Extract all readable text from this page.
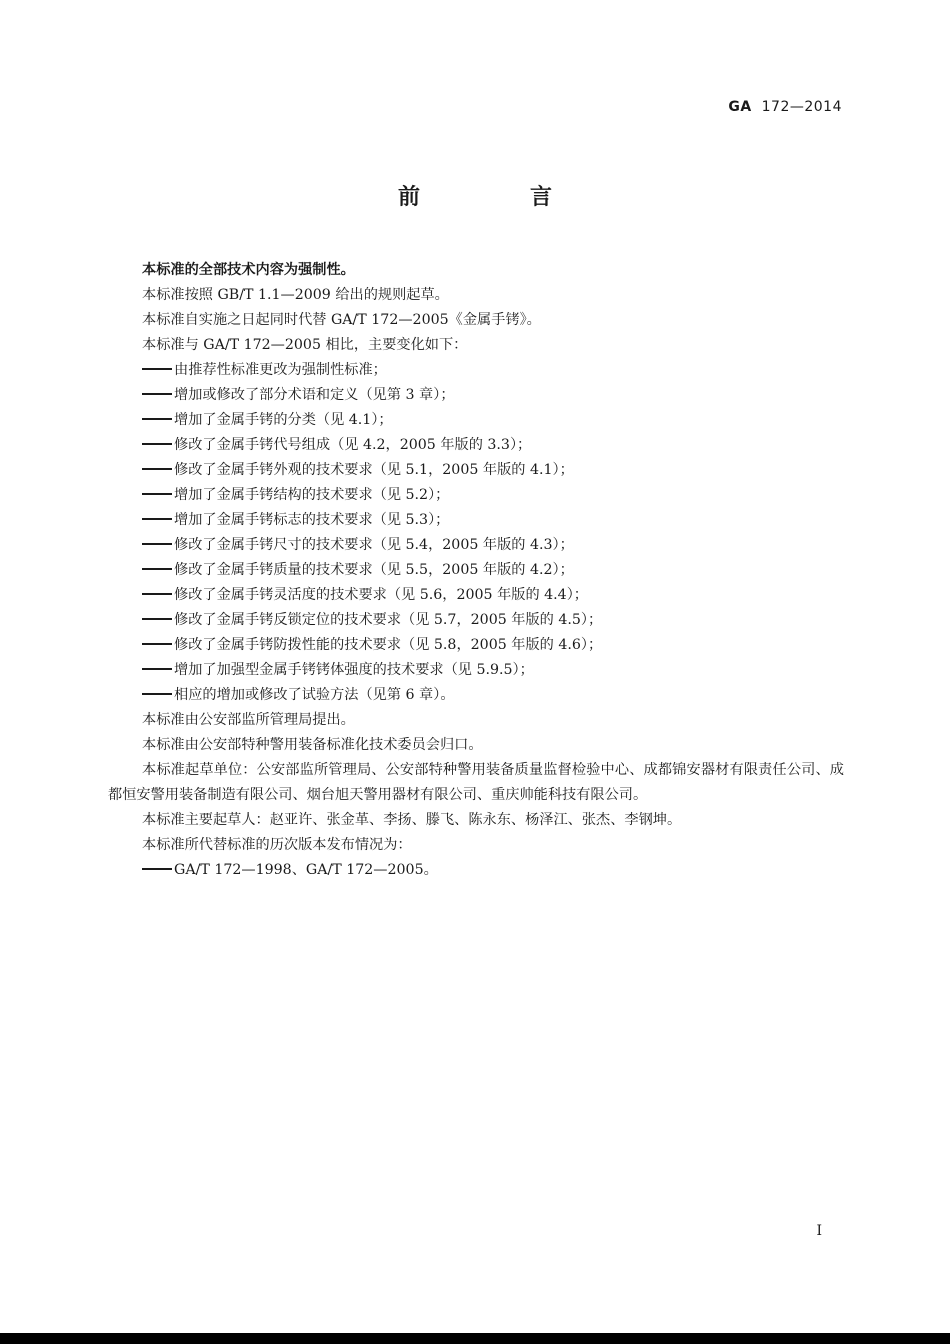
GA 172—2014
前　言

本标准的全部技术内容为强制性。

本标准按照 GB/T 1.1—2009 给出的规则起草。

本标准自实施之日起同时代替 GA/T 172—2005《金属手铐》。

本标准与 GA/T 172—2005 相比，主要变化如下：

由推荐性标准更改为强制性标准；

增加或修改了部分术语和定义（见第 3 章）；

增加了金属手铐的分类（见 4.1）；

修改了金属手铐代号组成（见 4.2，2005 年版的 3.3）；

修改了金属手铐外观的技术要求（见 5.1，2005 年版的 4.1）；

增加了金属手铐结构的技术要求（见 5.2）；

增加了金属手铐标志的技术要求（见 5.3）；

修改了金属手铐尺寸的技术要求（见 5.4，2005 年版的 4.3）；

修改了金属手铐质量的技术要求（见 5.5，2005 年版的 4.2）；

修改了金属手铐灵活度的技术要求（见 5.6，2005 年版的 4.4）；

修改了金属手铐反锁定位的技术要求（见 5.7，2005 年版的 4.5）；

修改了金属手铐防拨性能的技术要求（见 5.8，2005 年版的 4.6）；

增加了加强型金属手铐铐体强度的技术要求（见 5.9.5）；

相应的增加或修改了试验方法（见第 6 章）。

本标准由公安部监所管理局提出。

本标准由公安部特种警用装备标准化技术委员会归口。

本标准起草单位：公安部监所管理局、公安部特种警用装备质量监督检验中心、成都锦安器材有限责任公司、成都恒安警用装备制造有限公司、烟台旭天警用器材有限公司、重庆帅能科技有限公司。

本标准主要起草人：赵亚许、张金革、李扬、滕飞、陈永东、杨泽江、张杰、李钢坤。

本标准所代替标准的历次版本发布情况为：

GA/T 172—1998、GA/T 172—2005。

I
